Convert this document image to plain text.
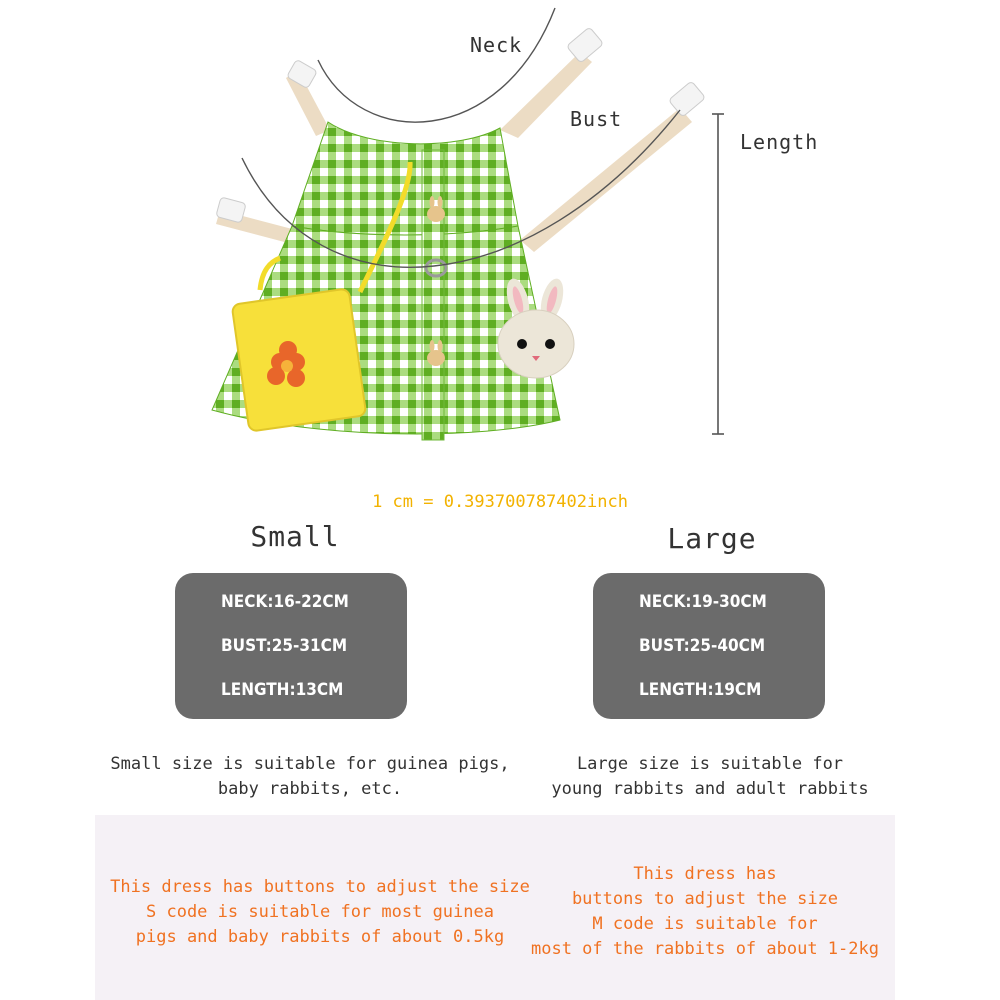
Neck
Bust
Length
1 cm = 0.393700787402inch
Small	Large
NECK:16-22CM
BUST:25-31CM
LENGTH:13CM
NECK:19-30CM
BUST:25-40CM
LENGTH:19CM
Small size is suitable for guinea pigs,
baby rabbits, etc.
Large size is suitable for
young rabbits and adult rabbits
This dress has buttons to adjust the size
S code is suitable for most guinea
pigs and baby rabbits of about 0.5kg
This dress has
buttons to adjust the size
M code is suitable for
most of the rabbits of about 1-2kg
